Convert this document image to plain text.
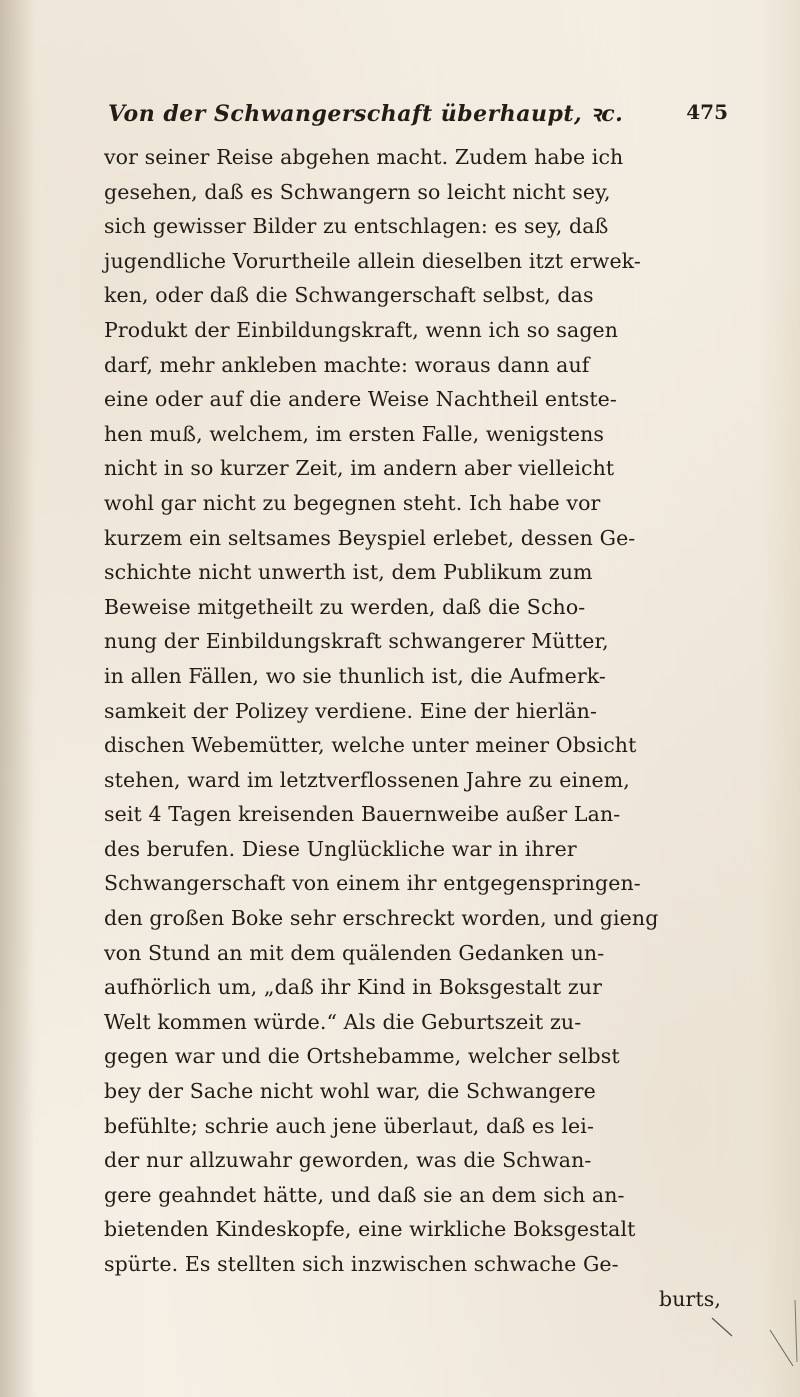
Von der Schwangerschaft überhaupt, ꝛc.	475
vor seiner Reise abgehen macht. Zudem habe ich
gesehen, daß es Schwangern so leicht nicht sey,
sich gewisser Bilder zu entschlagen: es sey, daß
jugendliche Vorurtheile allein dieselben itzt erwek-
ken, oder daß die Schwangerschaft selbst, das
Produkt der Einbildungskraft, wenn ich so sagen
darf, mehr ankleben machte: woraus dann auf
eine oder auf die andere Weise Nachtheil entste-
hen muß, welchem, im ersten Falle, wenigstens
nicht in so kurzer Zeit, im andern aber vielleicht
wohl gar nicht zu begegnen steht. Ich habe vor
kurzem ein seltsames Beyspiel erlebet, dessen Ge-
schichte nicht unwerth ist, dem Publikum zum
Beweise mitgetheilt zu werden, daß die Scho-
nung der Einbildungskraft schwangerer Mütter,
in allen Fällen, wo sie thunlich ist, die Aufmerk-
samkeit der Polizey verdiene. Eine der hierlän-
dischen Webemütter, welche unter meiner Obsicht
stehen, ward im letztverflossenen Jahre zu einem,
seit 4 Tagen kreisenden Bauernweibe außer Lan-
des berufen. Diese Unglückliche war in ihrer
Schwangerschaft von einem ihr entgegenspringen-
den großen Boke sehr erschreckt worden, und gieng
von Stund an mit dem quälenden Gedanken un-
aufhörlich um, „daß ihr Kind in Boksgestalt zur
Welt kommen würde.“ Als die Geburtszeit zu-
gegen war und die Ortshebamme, welcher selbst
bey der Sache nicht wohl war, die Schwangere
befühlte; schrie auch jene überlaut, daß es lei-
der nur allzuwahr geworden, was die Schwan-
gere geahndet hätte, und daß sie an dem sich an-
bietenden Kindeskopfe, eine wirkliche Boksgestalt
spürte. Es stellten sich inzwischen schwache Ge-
burts,
